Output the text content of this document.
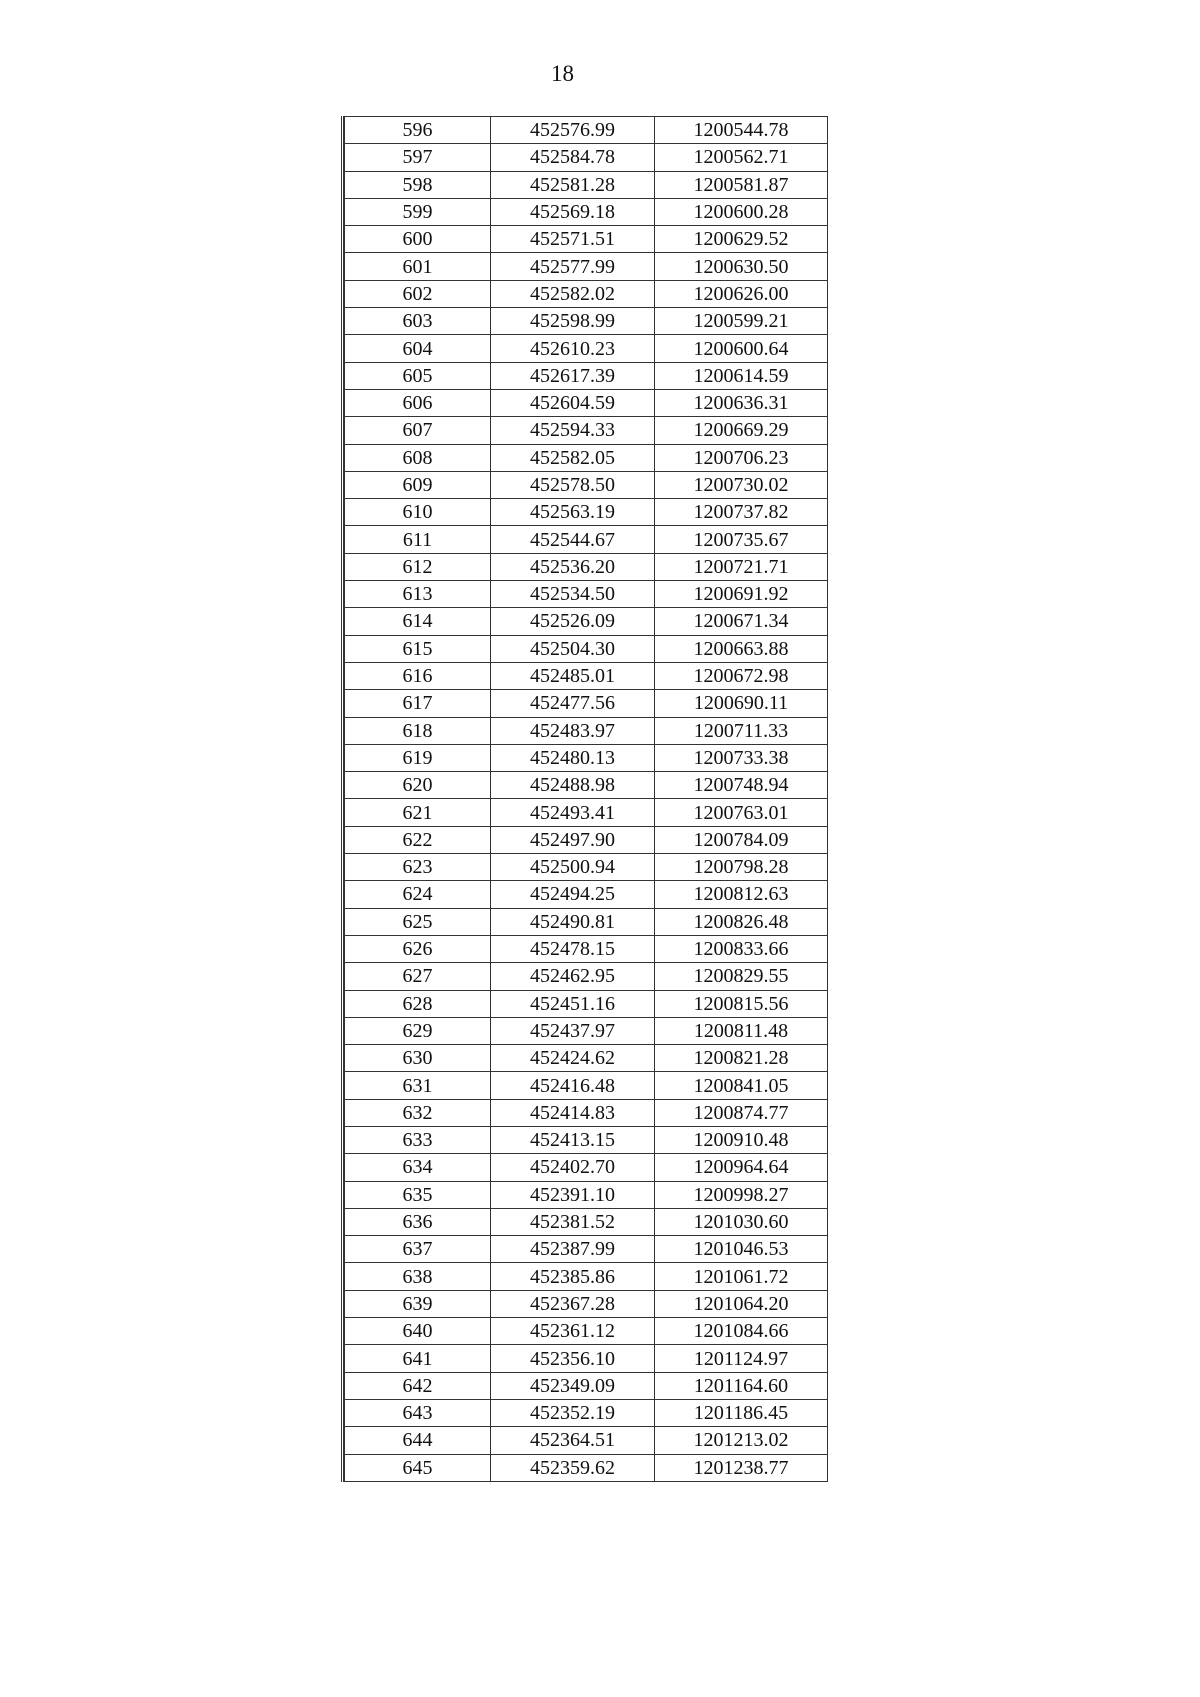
18
596	452576.99	1200544.78
597	452584.78	1200562.71
598	452581.28	1200581.87
599	452569.18	1200600.28
600	452571.51	1200629.52
601	452577.99	1200630.50
602	452582.02	1200626.00
603	452598.99	1200599.21
604	452610.23	1200600.64
605	452617.39	1200614.59
606	452604.59	1200636.31
607	452594.33	1200669.29
608	452582.05	1200706.23
609	452578.50	1200730.02
610	452563.19	1200737.82
611	452544.67	1200735.67
612	452536.20	1200721.71
613	452534.50	1200691.92
614	452526.09	1200671.34
615	452504.30	1200663.88
616	452485.01	1200672.98
617	452477.56	1200690.11
618	452483.97	1200711.33
619	452480.13	1200733.38
620	452488.98	1200748.94
621	452493.41	1200763.01
622	452497.90	1200784.09
623	452500.94	1200798.28
624	452494.25	1200812.63
625	452490.81	1200826.48
626	452478.15	1200833.66
627	452462.95	1200829.55
628	452451.16	1200815.56
629	452437.97	1200811.48
630	452424.62	1200821.28
631	452416.48	1200841.05
632	452414.83	1200874.77
633	452413.15	1200910.48
634	452402.70	1200964.64
635	452391.10	1200998.27
636	452381.52	1201030.60
637	452387.99	1201046.53
638	452385.86	1201061.72
639	452367.28	1201064.20
640	452361.12	1201084.66
641	452356.10	1201124.97
642	452349.09	1201164.60
643	452352.19	1201186.45
644	452364.51	1201213.02
645	452359.62	1201238.77
